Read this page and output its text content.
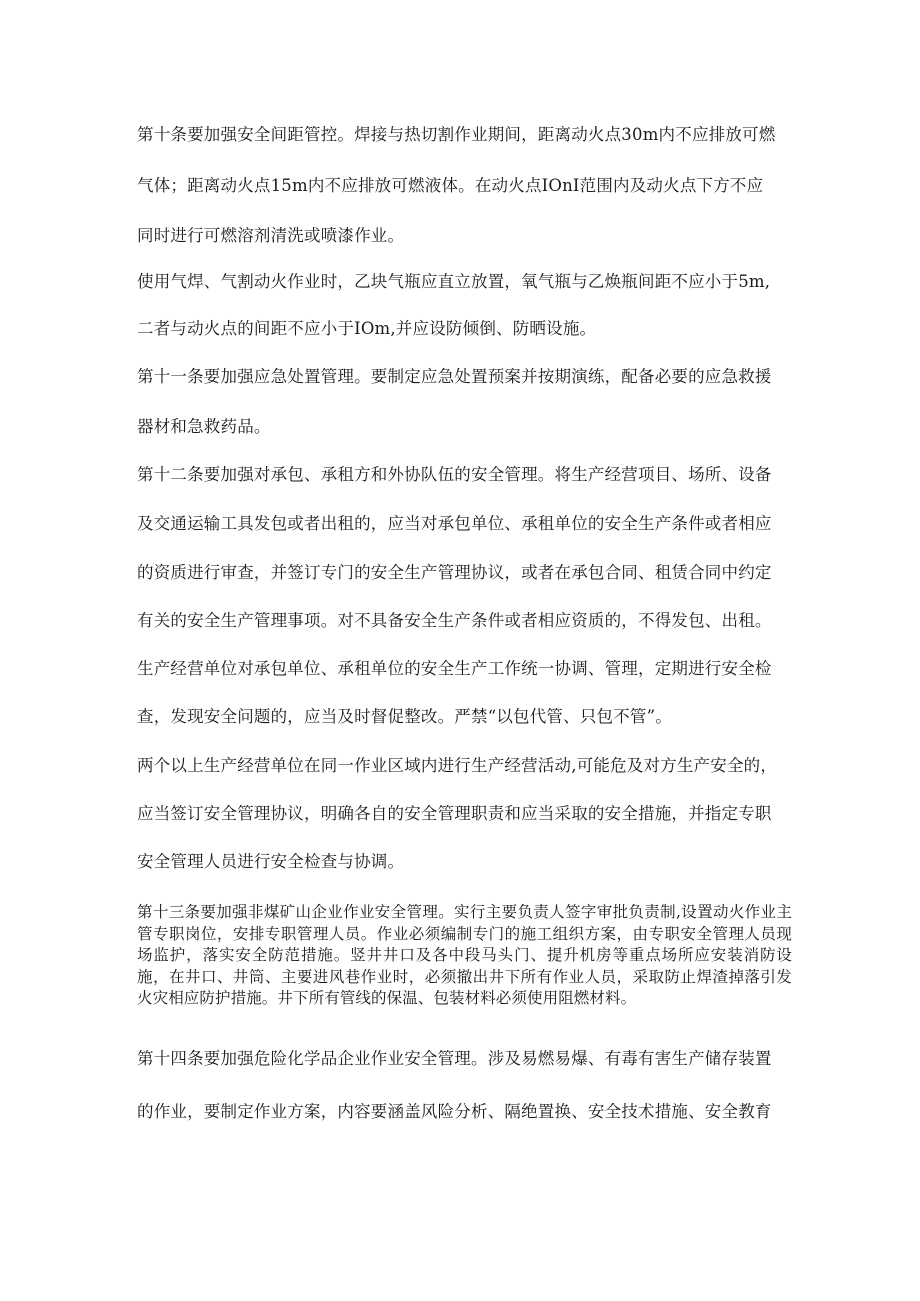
第十条要加强安全间距管控。焊接与热切割作业期间，距离动火点30m内不应排放可燃
气体；距离动火点15m内不应排放可燃液体。在动火点IOnI范围内及动火点下方不应
同时进行可燃溶剂清洗或喷漆作业。
使用气焊、气割动火作业时，乙块气瓶应直立放置，氧气瓶与乙焕瓶间距不应小于5m,
二者与动火点的间距不应小于IOm,并应设防倾倒、防晒设施。
第十一条要加强应急处置管理。要制定应急处置预案并按期演练，配备必要的应急救援
器材和急救药品。
第十二条要加强对承包、承租方和外协队伍的安全管理。将生产经营项目、场所、设备
及交通运输工具发包或者出租的，应当对承包单位、承租单位的安全生产条件或者相应
的资质进行审查，并签订专门的安全生产管理协议，或者在承包合同、租赁合同中约定
有关的安全生产管理事项。对不具备安全生产条件或者相应资质的，不得发包、出租。
生产经营单位对承包单位、承租单位的安全生产工作统一协调、管理，定期进行安全检
查，发现安全问题的，应当及时督促整改。严禁“以包代管、只包不管”。
两个以上生产经营单位在同一作业区域内进行生产经营活动,可能危及对方生产安全的，
应当签订安全管理协议，明确各自的安全管理职责和应当采取的安全措施，并指定专职
安全管理人员进行安全检查与协调。
第十三条要加强非煤矿山企业作业安全管理。实行主要负责人签字审批负责制,设置动火作业主管专职岗位，安排专职管理人员。作业必须编制专门的施工组织方案，由专职安全管理人员现场监护，落实安全防范措施。竖井井口及各中段马头门、提升机房等重点场所应安装消防设施，在井口、井筒、主要进风巷作业时，必须撤出井下所有作业人员，采取防止焊渣掉落引发火灾相应防护措施。井下所有管线的保温、包装材料必须使用阻燃材料。
第十四条要加强危险化学品企业作业安全管理。涉及易燃易爆、有毒有害生产储存装置
的作业，要制定作业方案，内容要涵盖风险分析、隔绝置换、安全技术措施、安全教育
